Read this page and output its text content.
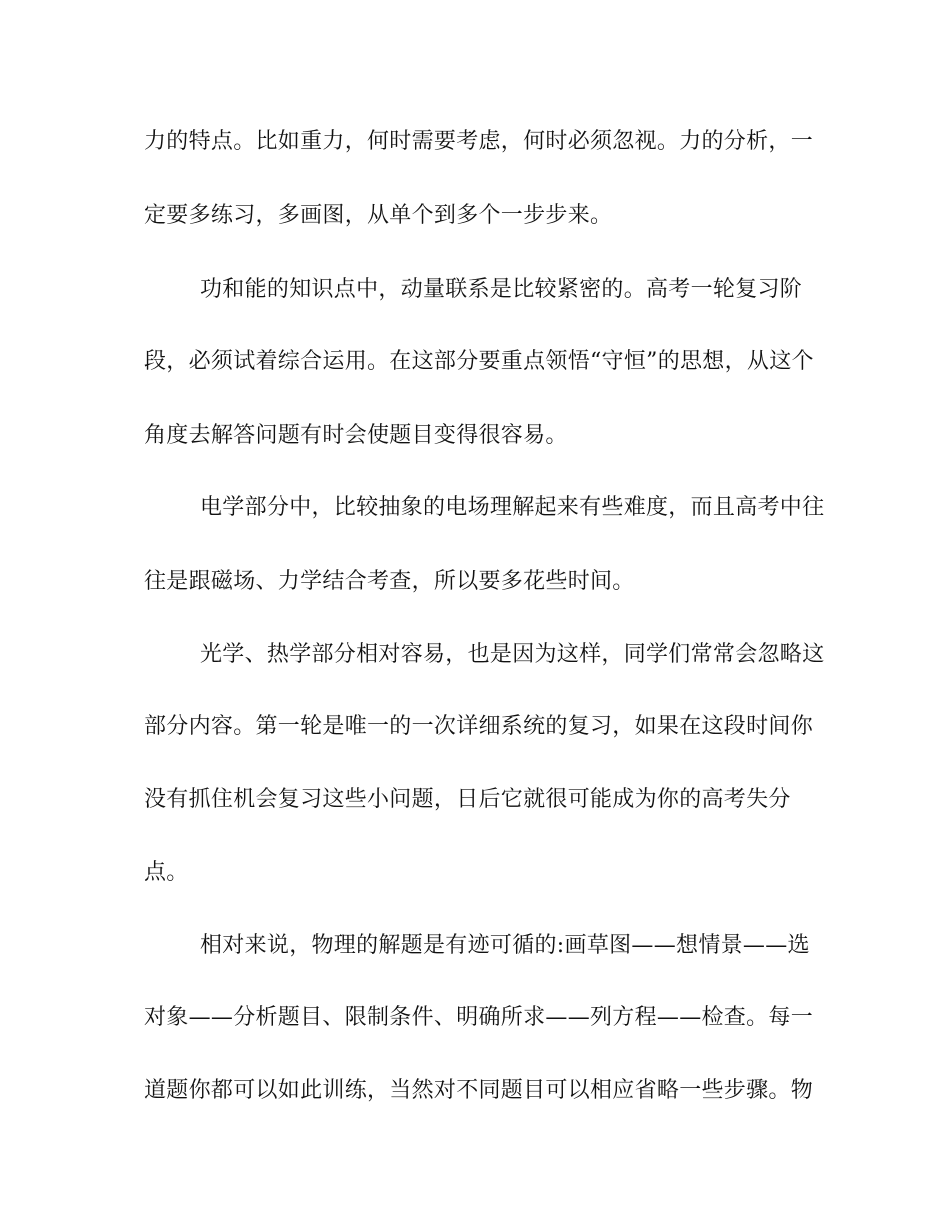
力的特点。比如重力，何时需要考虑，何时必须忽视。力的分析，一
定要多练习，多画图，从单个到多个一步步来。
功和能的知识点中，动量联系是比较紧密的。高考一轮复习阶
段，必须试着综合运用。在这部分要重点领悟“守恒”的思想，从这个
角度去解答问题有时会使题目变得很容易。
电学部分中，比较抽象的电场理解起来有些难度，而且高考中往
往是跟磁场、力学结合考查，所以要多花些时间。
光学、热学部分相对容易，也是因为这样，同学们常常会忽略这
部分内容。第一轮是唯一的一次详细系统的复习，如果在这段时间你
没有抓住机会复习这些小问题，日后它就很可能成为你的高考失分
点。
相对来说，物理的解题是有迹可循的:画草图——想情景——选
对象——分析题目、限制条件、明确所求——列方程——检查。每一
道题你都可以如此训练，当然对不同题目可以相应省略一些步骤。物
